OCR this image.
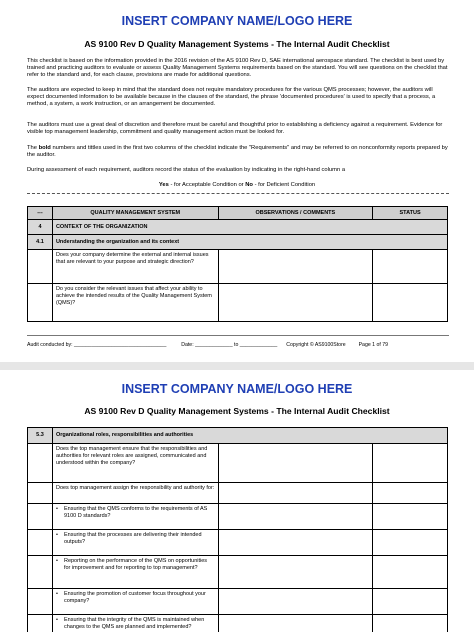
INSERT COMPANY NAME/LOGO HERE
AS 9100 Rev D Quality Management Systems - The Internal Audit Checklist
This checklist is based on the information provided in the 2016 revision of the AS 9100 Rev D, SAE international aerospace standard. The checklist is best used by trained and practicing auditors to evaluate or assess Quality Management Systems requirements based on the standard. You will see questions on the checklist that refer to the standard and, for each clause, provisions are made for additional questions.
The auditors are expected to keep in mind that the standard does not require mandatory procedures for the various QMS processes; however, the auditors will expect documented information to be available because in the clauses of the standard, the phrase 'documented procedures' is used to specify that a process, a method, a system, a work instruction, or an arrangement be documented.
The auditors must use a great deal of discretion and therefore must be careful and thoughtful prior to establishing a deficiency against a requirement. Evidence for visible top management leadership, commitment and quality management action must be looked for.
The bold numbers and tittles used in the first two columns of the checklist indicate the "Requirements" and may be referred to on nonconformity reports prepared by the auditor.
During assessment of each requirement, auditors record the status of the evaluation by indicating in the right-hand column a
Yes - for Acceptable Condition or No - for Deficient Condition
---	QUALITY MANAGEMENT SYSTEM	OBSERVATIONS / COMMENTS	STATUS
4	CONTEXT OF THE ORGANIZATION		
4.1	Understanding the organization and its context		
	Does your company determine the external and internal issues that are relevant to your purpose and strategic direction?		
	Do you consider the relevant issues that affect your ability to achieve the intended results of the Quality Management System (QMS)?		
Audit conducted by: ________________________________	Date: _____________ to _____________ Copyright © AS9100Store Page 1 of 79
INSERT COMPANY NAME/LOGO HERE
AS 9100 Rev D Quality Management Systems - The Internal Audit Checklist
5.3	Organizational roles, responsibilities and authorities		
	Does the top management ensure that the responsibilities and authorities for relevant roles are assigned, communicated and understood within the company?		
	Does top management assign the responsibility and authority for:		

	• Ensuring that the QMS conforms to the requirements of AS 9100 D standards?		

	• Ensuring that the processes are delivering their intended outputs?		

	• Reporting on the performance of the QMS on opportunities for improvement and for reporting to top management?		

	• Ensuring the promotion of customer focus throughout your company?		

	• Ensuring that the integrity of the QMS is maintained when changes to the QMS are planned and implemented?		
